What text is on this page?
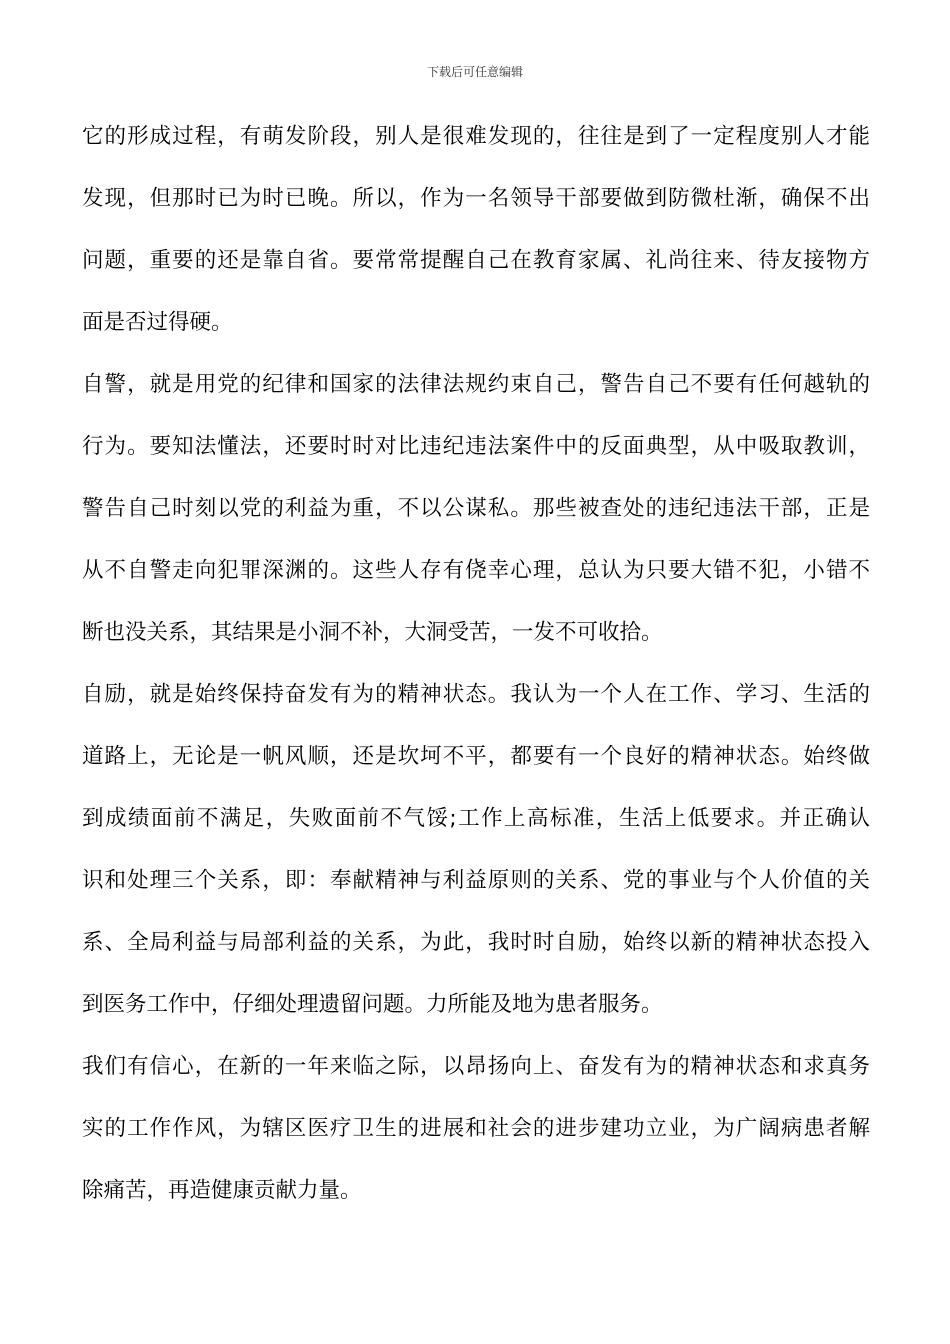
下载后可任意编辑
它的形成过程，有萌发阶段，别人是很难发现的，往往是到了一定程度别人才能
发现，但那时已为时已晚。所以，作为一名领导干部要做到防微杜渐，确保不出
问题，重要的还是靠自省。要常常提醒自己在教育家属、礼尚往来、待友接物方
面是否过得硬。
自警，就是用党的纪律和国家的法律法规约束自己，警告自己不要有任何越轨的
行为。要知法懂法，还要时时对比违纪违法案件中的反面典型，从中吸取教训，
警告自己时刻以党的利益为重，不以公谋私。那些被查处的违纪违法干部，正是
从不自警走向犯罪深渊的。这些人存有侥幸心理，总认为只要大错不犯，小错不
断也没关系，其结果是小洞不补，大洞受苦，一发不可收拾。
自励，就是始终保持奋发有为的精神状态。我认为一个人在工作、学习、生活的
道路上，无论是一帆风顺，还是坎坷不平，都要有一个良好的精神状态。始终做
到成绩面前不满足，失败面前不气馁;工作上高标准，生活上低要求。并正确认
识和处理三个关系，即：奉献精神与利益原则的关系、党的事业与个人价值的关
系、全局利益与局部利益的关系，为此，我时时自励，始终以新的精神状态投入
到医务工作中，仔细处理遗留问题。力所能及地为患者服务。
我们有信心，在新的一年来临之际，以昂扬向上、奋发有为的精神状态和求真务
实的工作作风，为辖区医疗卫生的进展和社会的进步建功立业，为广阔病患者解
除痛苦，再造健康贡献力量。
